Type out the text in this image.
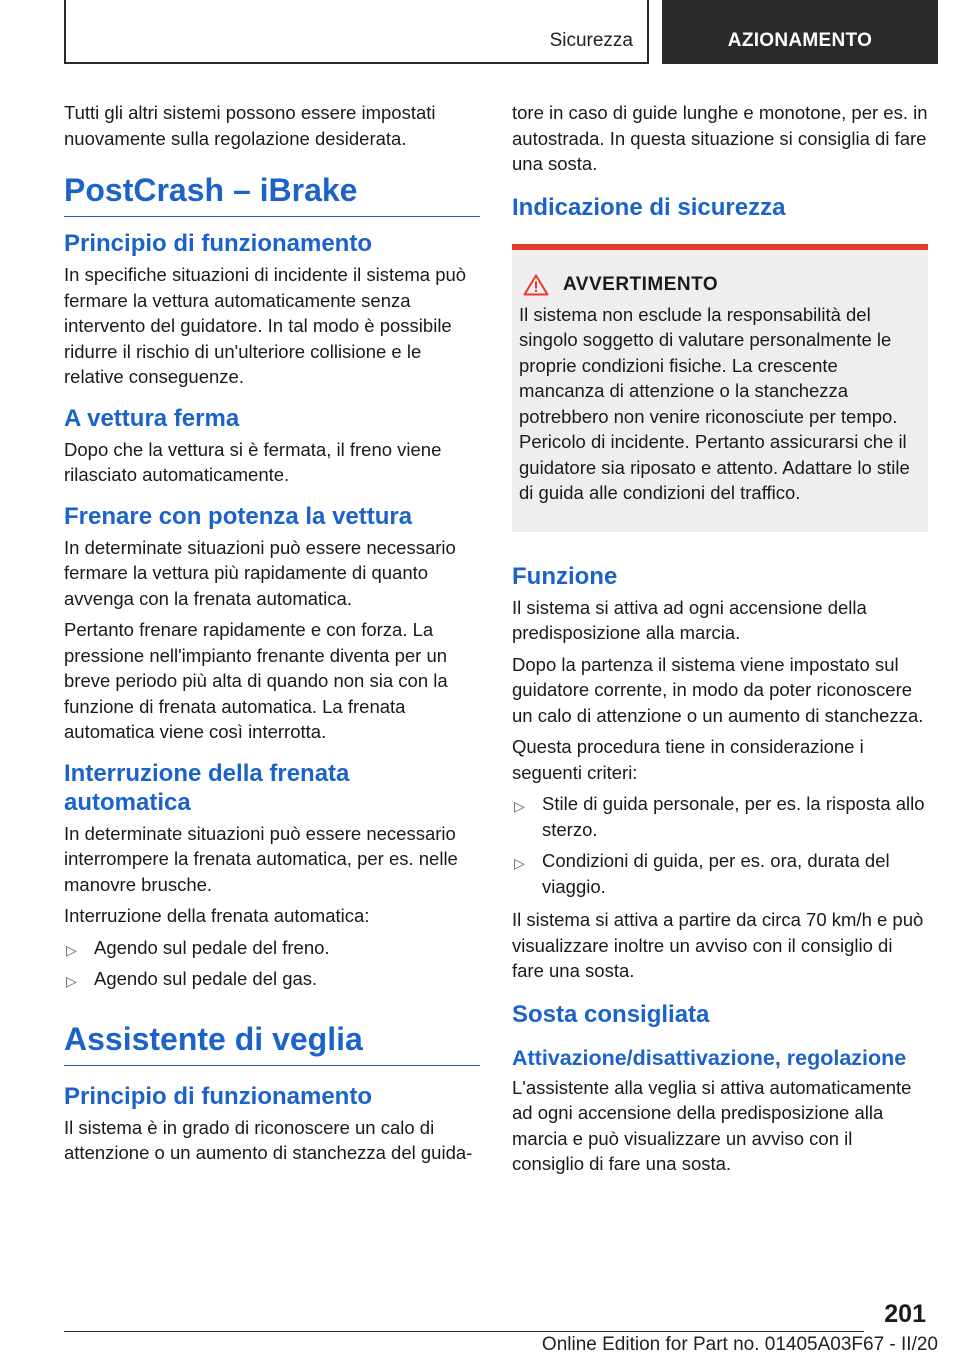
Sicurezza	AZIONAMENTO

Tutti gli altri sistemi possono essere impostati nuovamente sulla regolazione desiderata.

PostCrash – iBrake
Principio di funzionamento

In specifiche situazioni di incidente il sistema può fermare la vettura automaticamente senza intervento del guidatore. In tal modo è possibile ridurre il rischio di un'ulteriore collisione e le relative conseguenze.

A vettura ferma

Dopo che la vettura si è fermata, il freno viene rilasciato automaticamente.

Frenare con potenza la vettura

In determinate situazioni può essere necessario fermare la vettura più rapidamente di quanto avvenga con la frenata automatica.

Pertanto frenare rapidamente e con forza. La pressione nell'impianto frenante diventa per un breve periodo più alta di quando non sia con la funzione di frenata automatica. La frenata automatica viene così interrotta.

Interruzione della frenata automatica

In determinate situazioni può essere necessario interrompere la frenata automatica, per es. nelle manovre brusche.

Interruzione della frenata automatica:

▷ Agendo sul pedale del freno.
▷ Agendo sul pedale del gas.
Assistente di veglia
Principio di funzionamento

Il sistema è in grado di riconoscere un calo di attenzione o un aumento di stanchezza del guida-

tore in caso di guide lunghe e monotone, per es. in autostrada. In questa situazione si consiglia di fare una sosta.

Indicazione di sicurezza
AVVERTIMENTO

Il sistema non esclude la responsabilità del singolo soggetto di valutare personalmente le proprie condizioni fisiche. La crescente mancanza di attenzione o la stanchezza potrebbero non venire riconosciute per tempo. Pericolo di incidente. Pertanto assicurarsi che il guidatore sia riposato e attento. Adattare lo stile di guida alle condizioni del traffico.

Funzione

Il sistema si attiva ad ogni accensione della predisposizione alla marcia.

Dopo la partenza il sistema viene impostato sul guidatore corrente, in modo da poter riconoscere un calo di attenzione o un aumento di stanchezza.

Questa procedura tiene in considerazione i seguenti criteri:

▷ Stile di guida personale, per es. la risposta allo sterzo.
▷ Condizioni di guida, per es. ora, durata del viaggio.

Il sistema si attiva a partire da circa 70 km/h e può visualizzare inoltre un avviso con il consiglio di fare una sosta.

Sosta consigliata
Attivazione/disattivazione, regolazione

L'assistente alla veglia si attiva automaticamente ad ogni accensione della predisposizione alla marcia e può visualizzare un avviso con il consiglio di fare una sosta.

201
Online Edition for Part no. 01405A03F67 - II/20
